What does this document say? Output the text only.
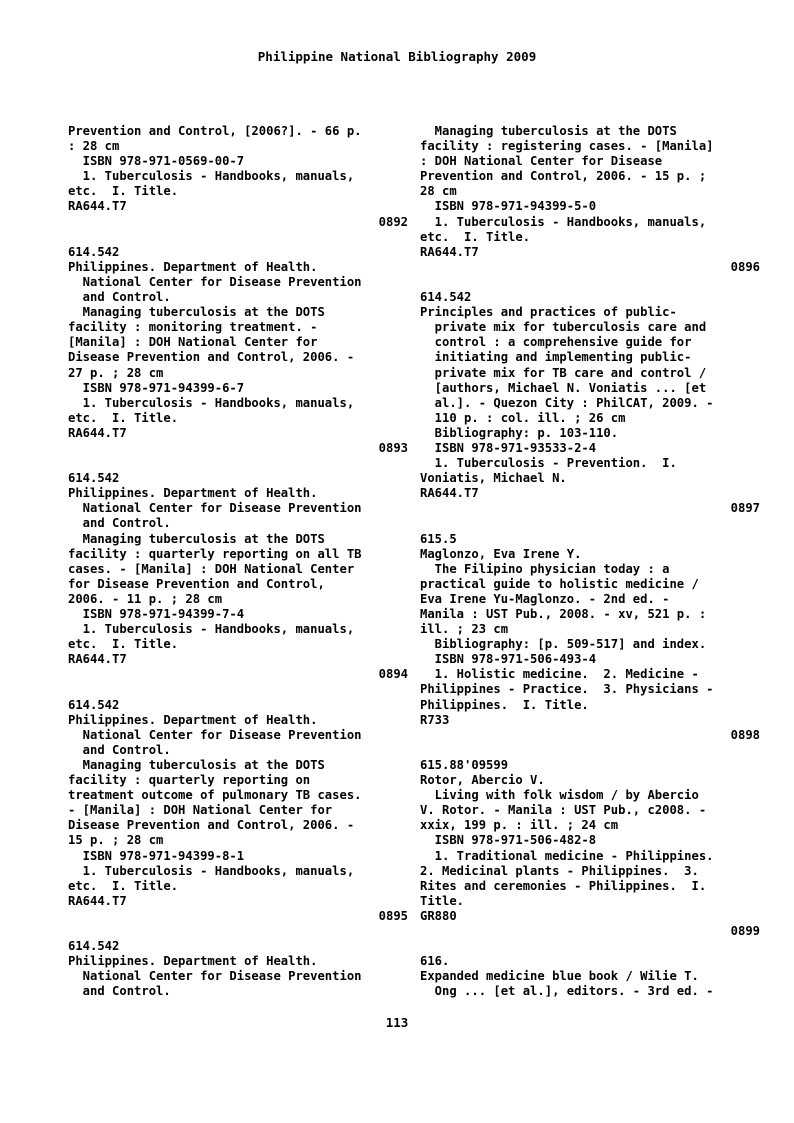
Philippine National Bibliography 2009
Prevention and Control, [2006?]. - 66 p.
: 28 cm
ISBN 978-971-0569-00-7
1. Tuberculosis - Handbooks, manuals,
etc.  I. Title.
RA644.T7
0892
614.542
Philippines. Department of Health.
National Center for Disease Prevention
and Control.
Managing tuberculosis at the DOTS
facility : monitoring treatment. -
[Manila] : DOH National Center for
Disease Prevention and Control, 2006. -
27 p. ; 28 cm
ISBN 978-971-94399-6-7
1. Tuberculosis - Handbooks, manuals,
etc.  I. Title.
RA644.T7
0893
614.542
Philippines. Department of Health.
National Center for Disease Prevention
and Control.
Managing tuberculosis at the DOTS
facility : quarterly reporting on all TB
cases. - [Manila] : DOH National Center
for Disease Prevention and Control,
2006. - 11 p. ; 28 cm
ISBN 978-971-94399-7-4
1. Tuberculosis - Handbooks, manuals,
etc.  I. Title.
RA644.T7
0894
614.542
Philippines. Department of Health.
National Center for Disease Prevention
and Control.
Managing tuberculosis at the DOTS
facility : quarterly reporting on
treatment outcome of pulmonary TB cases.
- [Manila] : DOH National Center for
Disease Prevention and Control, 2006. -
15 p. ; 28 cm
ISBN 978-971-94399-8-1
1. Tuberculosis - Handbooks, manuals,
etc.  I. Title.
RA644.T7
0895
614.542
Philippines. Department of Health.
National Center for Disease Prevention
and Control.
Managing tuberculosis at the DOTS
facility : registering cases. - [Manila]
: DOH National Center for Disease
Prevention and Control, 2006. - 15 p. ;
28 cm
ISBN 978-971-94399-5-0
1. Tuberculosis - Handbooks, manuals,
etc.  I. Title.
RA644.T7
0896
614.542
Principles and practices of public-
private mix for tuberculosis care and
control : a comprehensive guide for
initiating and implementing public-
private mix for TB care and control /
[authors, Michael N. Voniatis ... [et
al.]. - Quezon City : PhilCAT, 2009. -
110 p. : col. ill. ; 26 cm
Bibliography: p. 103-110.
ISBN 978-971-93533-2-4
1. Tuberculosis - Prevention.  I.
Voniatis, Michael N.
RA644.T7
0897
615.5
Maglonzo, Eva Irene Y.
The Filipino physician today : a
practical guide to holistic medicine /
Eva Irene Yu-Maglonzo. - 2nd ed. -
Manila : UST Pub., 2008. - xv, 521 p. :
ill. ; 23 cm
Bibliography: [p. 509-517] and index.
ISBN 978-971-506-493-4
1. Holistic medicine.  2. Medicine -
Philippines - Practice.  3. Physicians -
Philippines.  I. Title.
R733
0898
615.88'09599
Rotor, Abercio V.
Living with folk wisdom / by Abercio
V. Rotor. - Manila : UST Pub., c2008. -
xxix, 199 p. : ill. ; 24 cm
ISBN 978-971-506-482-8
1. Traditional medicine - Philippines.
2. Medicinal plants - Philippines.  3.
Rites and ceremonies - Philippines.  I.
Title.
GR880
0899
616.
Expanded medicine blue book / Wilie T.
Ong ... [et al.], editors. - 3rd ed. -
113
